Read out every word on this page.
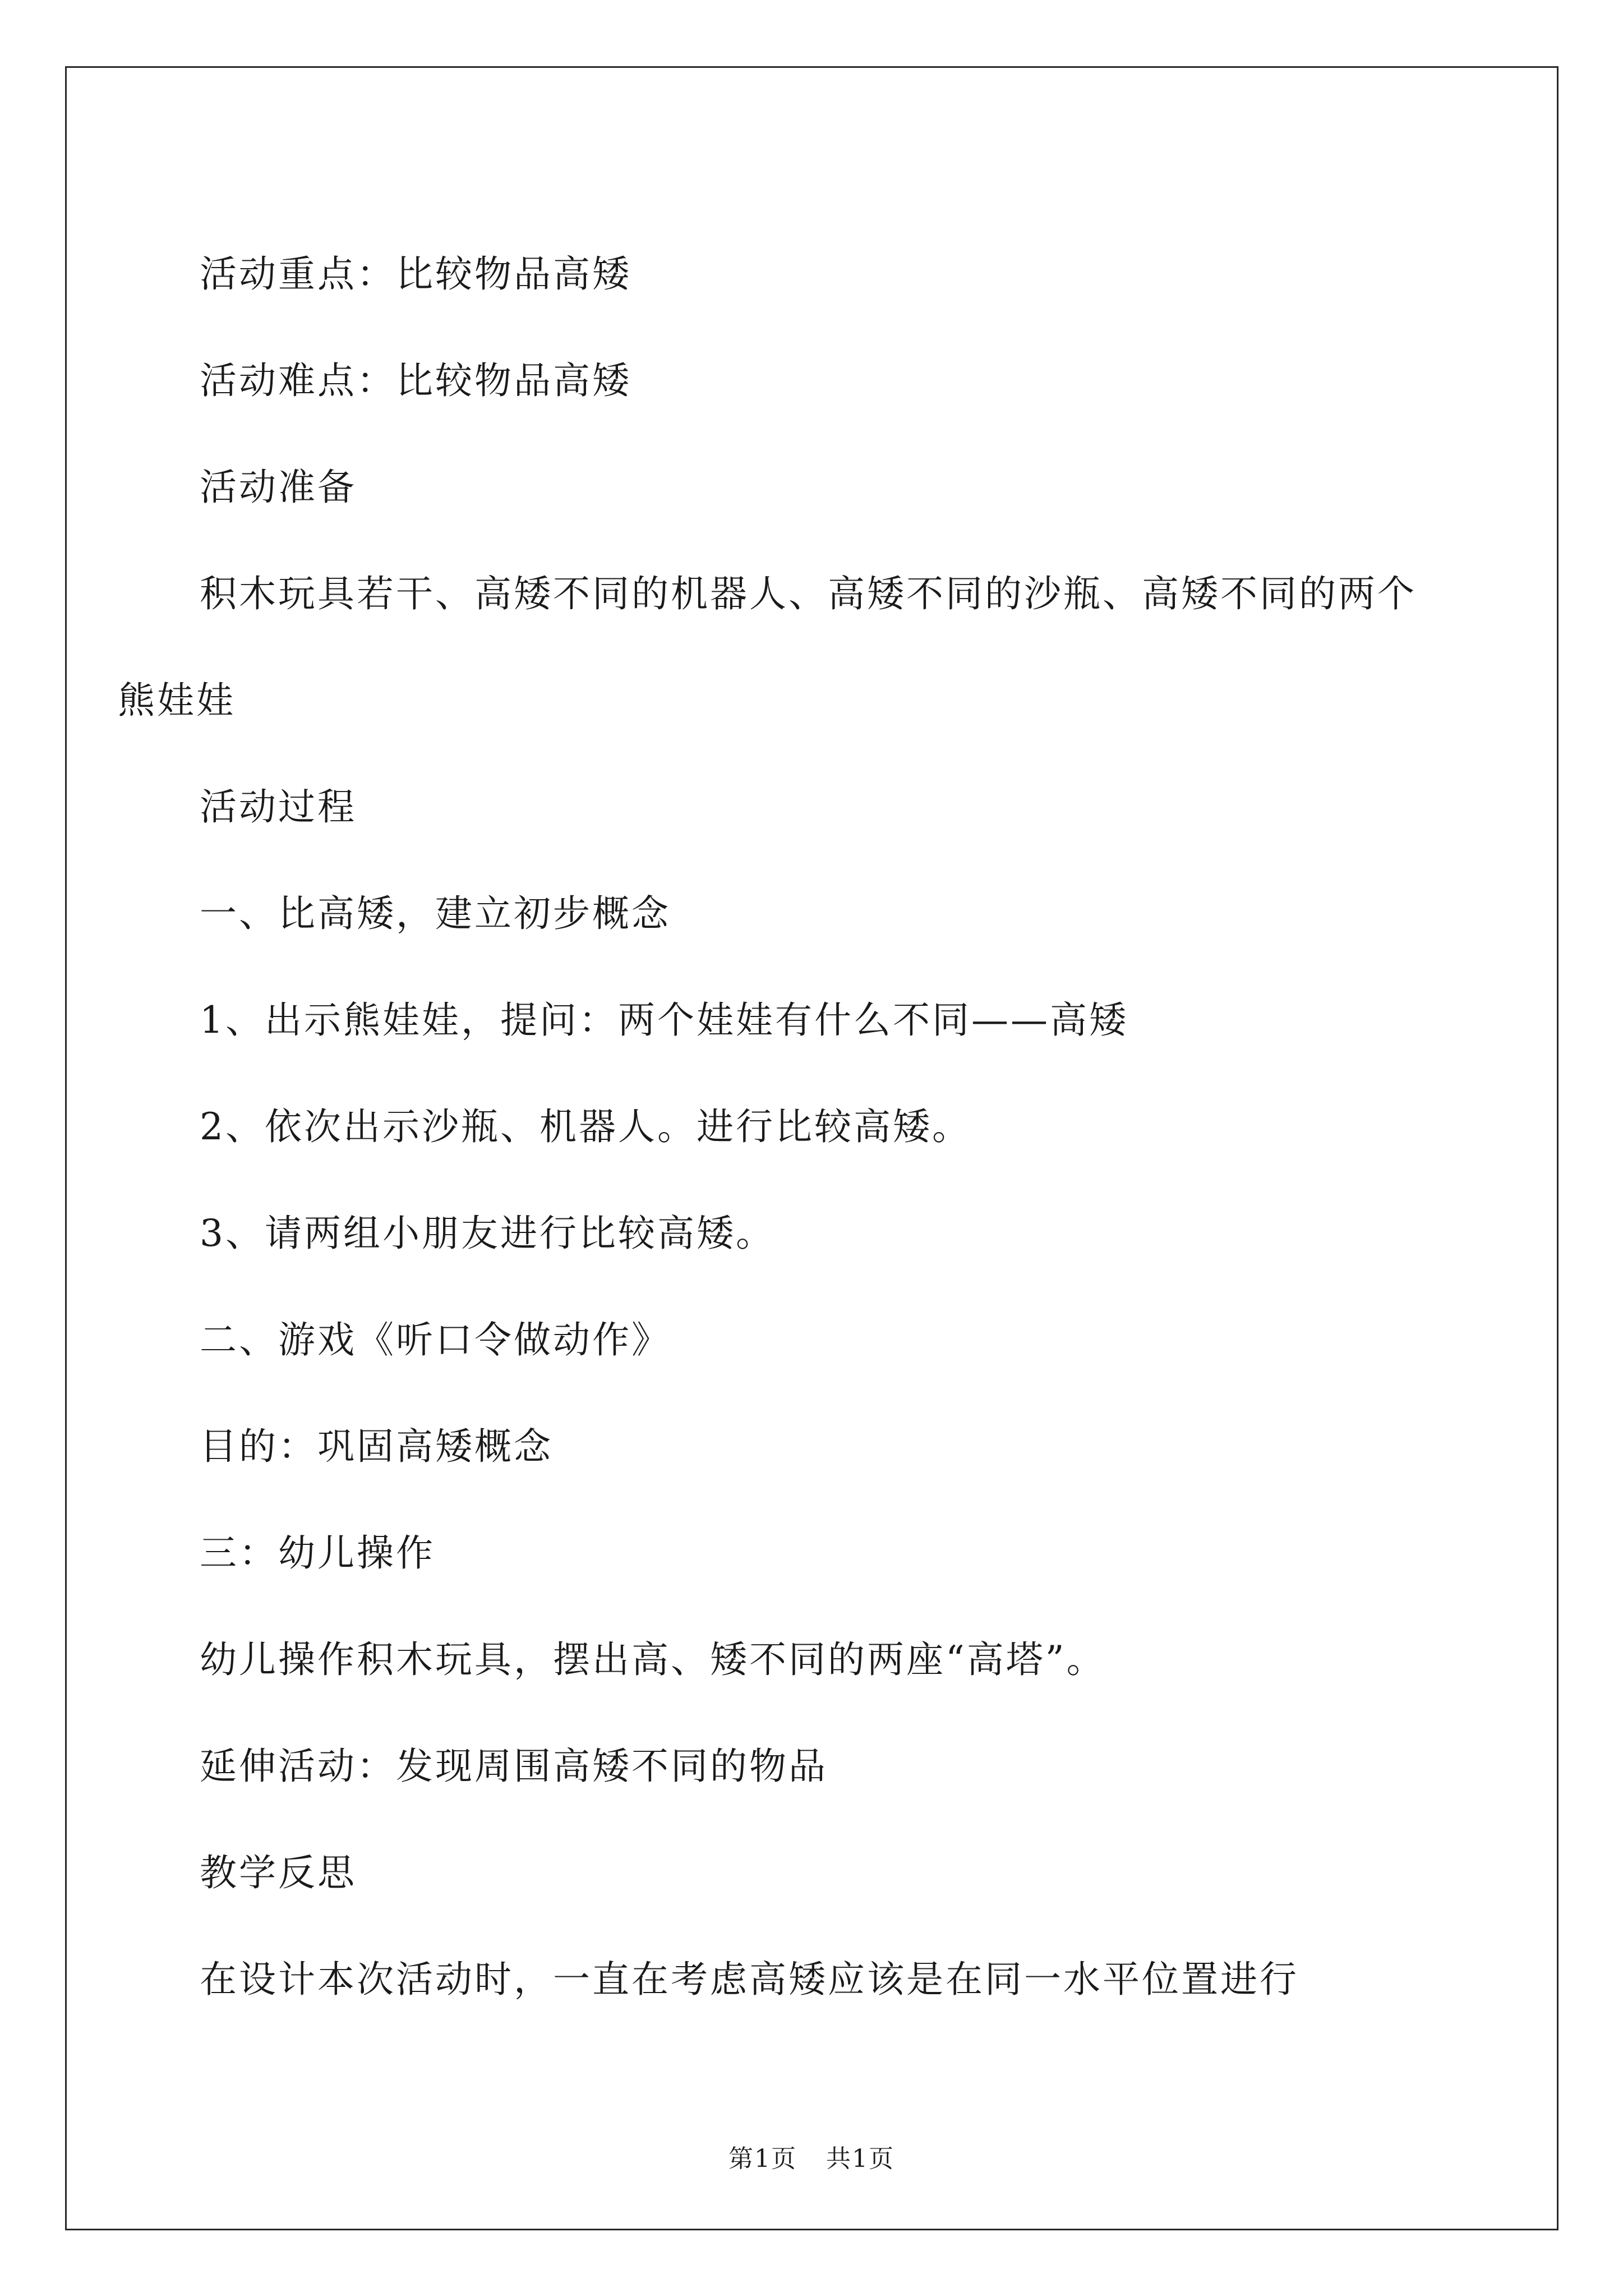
活动重点：比较物品高矮

活动难点：比较物品高矮

活动准备

积木玩具若干、高矮不同的机器人、高矮不同的沙瓶、高矮不同的两个熊娃娃

活动过程

一、比高矮，建立初步概念

1、出示熊娃娃，提问：两个娃娃有什么不同——高矮

2、依次出示沙瓶、机器人。进行比较高矮。

3、请两组小朋友进行比较高矮。

二、游戏《听口令做动作》

目的：巩固高矮概念

三：幼儿操作

幼儿操作积木玩具，摆出高、矮不同的两座“高塔”。

延伸活动：发现周围高矮不同的物品

教学反思

在设计本次活动时，一直在考虑高矮应该是在同一水平位置进行

第1页 共1页
